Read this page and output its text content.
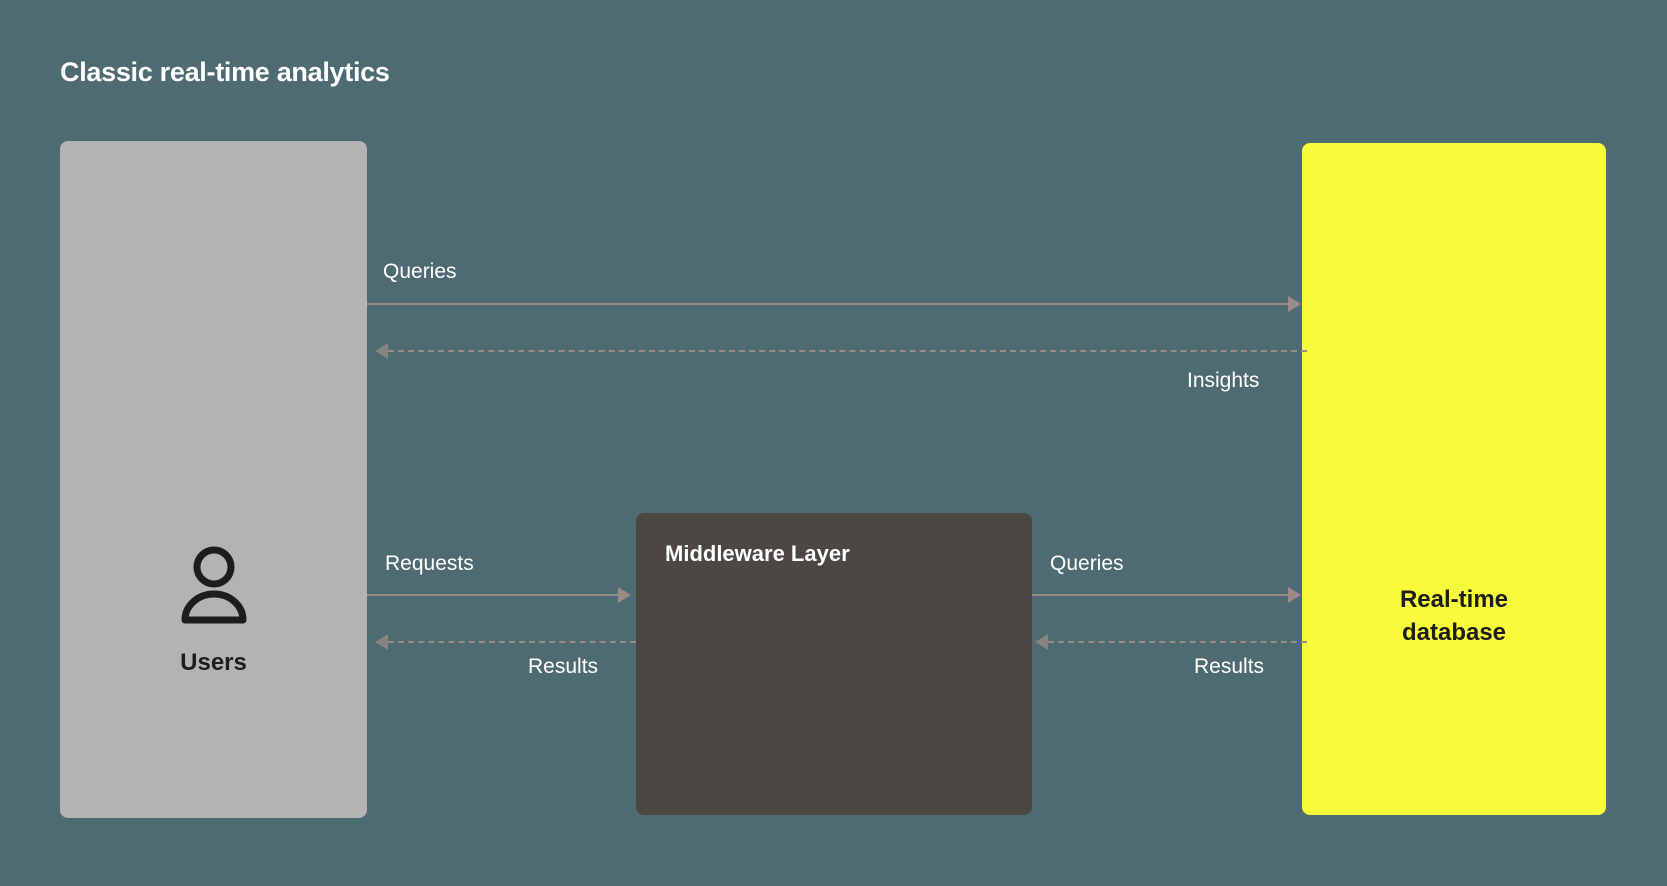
Classic real-time analytics
Users
Middleware Layer
Real-time
database
Queries
Insights
Requests
Results
Queries
Results
